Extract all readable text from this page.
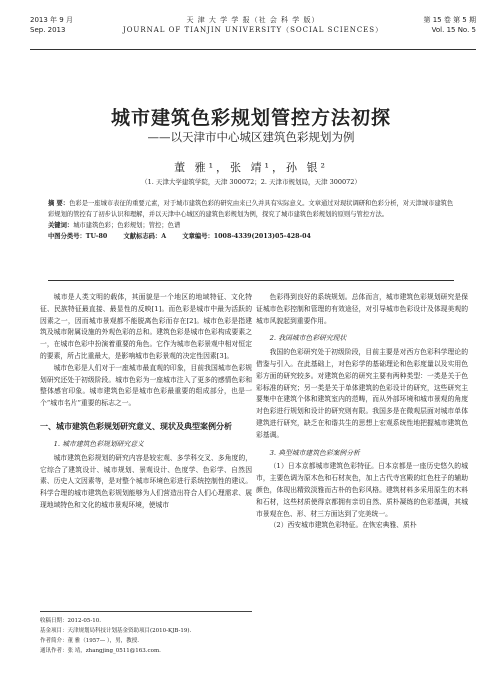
2013 年 9 月
Sep. 2013
天 津 大 学 学 报（社 会 科 学 版）
JOURNAL OF TIANJIN UNIVERSITY（SOCIAL SCIENCES）
第 15 卷 第 5 期
Vol. 15 No. 5
城市建筑色彩规划管控方法初探
——以天津市中心城区建筑色彩规划为例
董 雅¹，张 靖¹，孙 银²
（1. 天津大学建筑学院，天津 300072；2. 天津市规划局，天津 300072）

摘 要：色彩是一座城市表征的重要元素，对于城市建筑色彩的研究由来已久并具有实际意义。文章通过对现状调研和色彩分析，对天津城市建筑色彩规划的管控有了初步认识和理解，并以天津中心城区的建筑色彩规划为例，探究了城市建筑色彩规划的原则与管控方法。

关键词：城市建筑色彩；色彩规划；管控；色谱

中图分类号：TU-80	文献标志码：A	文章编号：1008-4339(2013)05-428-04

城市是人类文明的载体，其面貌是一个地区的地域特征、文化特征、民族特征最直接、最显性的反映[1]。而色彩是城市中最为活跃的因素之一，因而城市景观都不能脱离色彩而存在[2]。城市色彩是指建筑及城市附属设施的外观色彩的总和。建筑色彩是城市色彩构成要素之一，在城市色彩中扮演着重要的角色。它作为城市色彩景观中相对恒定的要素，所占比重最大，是影响城市色彩景观的决定性因素[3]。

城市色彩是人们对于一座城市最直观的印象，目前我国城市色彩规划研究还处于初级阶段。城市色彩为一座城市注入了更多的感情色彩和整体感官印象。城市建筑色彩是城市色彩最重要的组成部分，也是一个“城市名片”重要的标志之一。

一、城市建筑色彩规划研究意义、现状及典型案例分析
1. 城市建筑色彩规划研究意义

城市建筑色彩规划的研究内容是较宏观、多学科交叉、多角度的，它综合了建筑设计、城市规划、景观设计、色度学、色彩学、自然因素、历史人文因素等，是对整个城市环境色彩进行系统控制性的建议。科学合理的城市建筑色彩规划能够为人们营造出符合人们心理需求、展现地域特色和文化的城市景观环境，使城市

色彩得到良好的系统规划。总体而言，城市建筑色彩规划研究是保证城市色彩控制和管理的有效途径，对引导城市色彩设计及体现美观的城市风貌起到重要作用。

2. 我国城市色彩研究现状

我国的色彩研究处于初级阶段，目前主要是对西方色彩科学理论的借鉴与引入。在此基础上，对色彩学的基础理论和色彩度量以及实用色彩方面的研究较多。对建筑色彩的研究主要有两种类型：一类是关于色彩标准的研究；另一类是关于单体建筑的色彩设计的研究，这些研究主要集中在建筑个体和建筑室内的范畴，而从外部环境和城市景观的角度对色彩进行规划和设计的研究则有限。我国多是在微观层面对城市单体建筑进行研究，缺乏在和谐共生的思想上宏观系统性地把握城市建筑色彩基调。

3. 典型城市建筑色彩案例分析

（1）日本京都城市建筑色彩特征。日本京都是一座历史悠久的城市，主要色调为原木色和石材灰色，加上古代寺宫殿的红色柱子的辅助颜色，体现出精致淡雅而古朴的色彩风格。建筑材料多采用原生的木料和石材，这些材质使得京都拥有亲切自然、质朴凝练的色彩基调，其城市景观在色、形、材三方面达到了完美统一。

（2）西安城市建筑色彩特征。在恢宏典雅、质朴

收稿日期：2012-05-10.

基金项目：天津规划局科技计划基金资助项目(2010-KJB-19).

作者简介：董 雅（1957— ），男，教授.

通讯作者：张 靖，zhangjing_0511@163.com.
